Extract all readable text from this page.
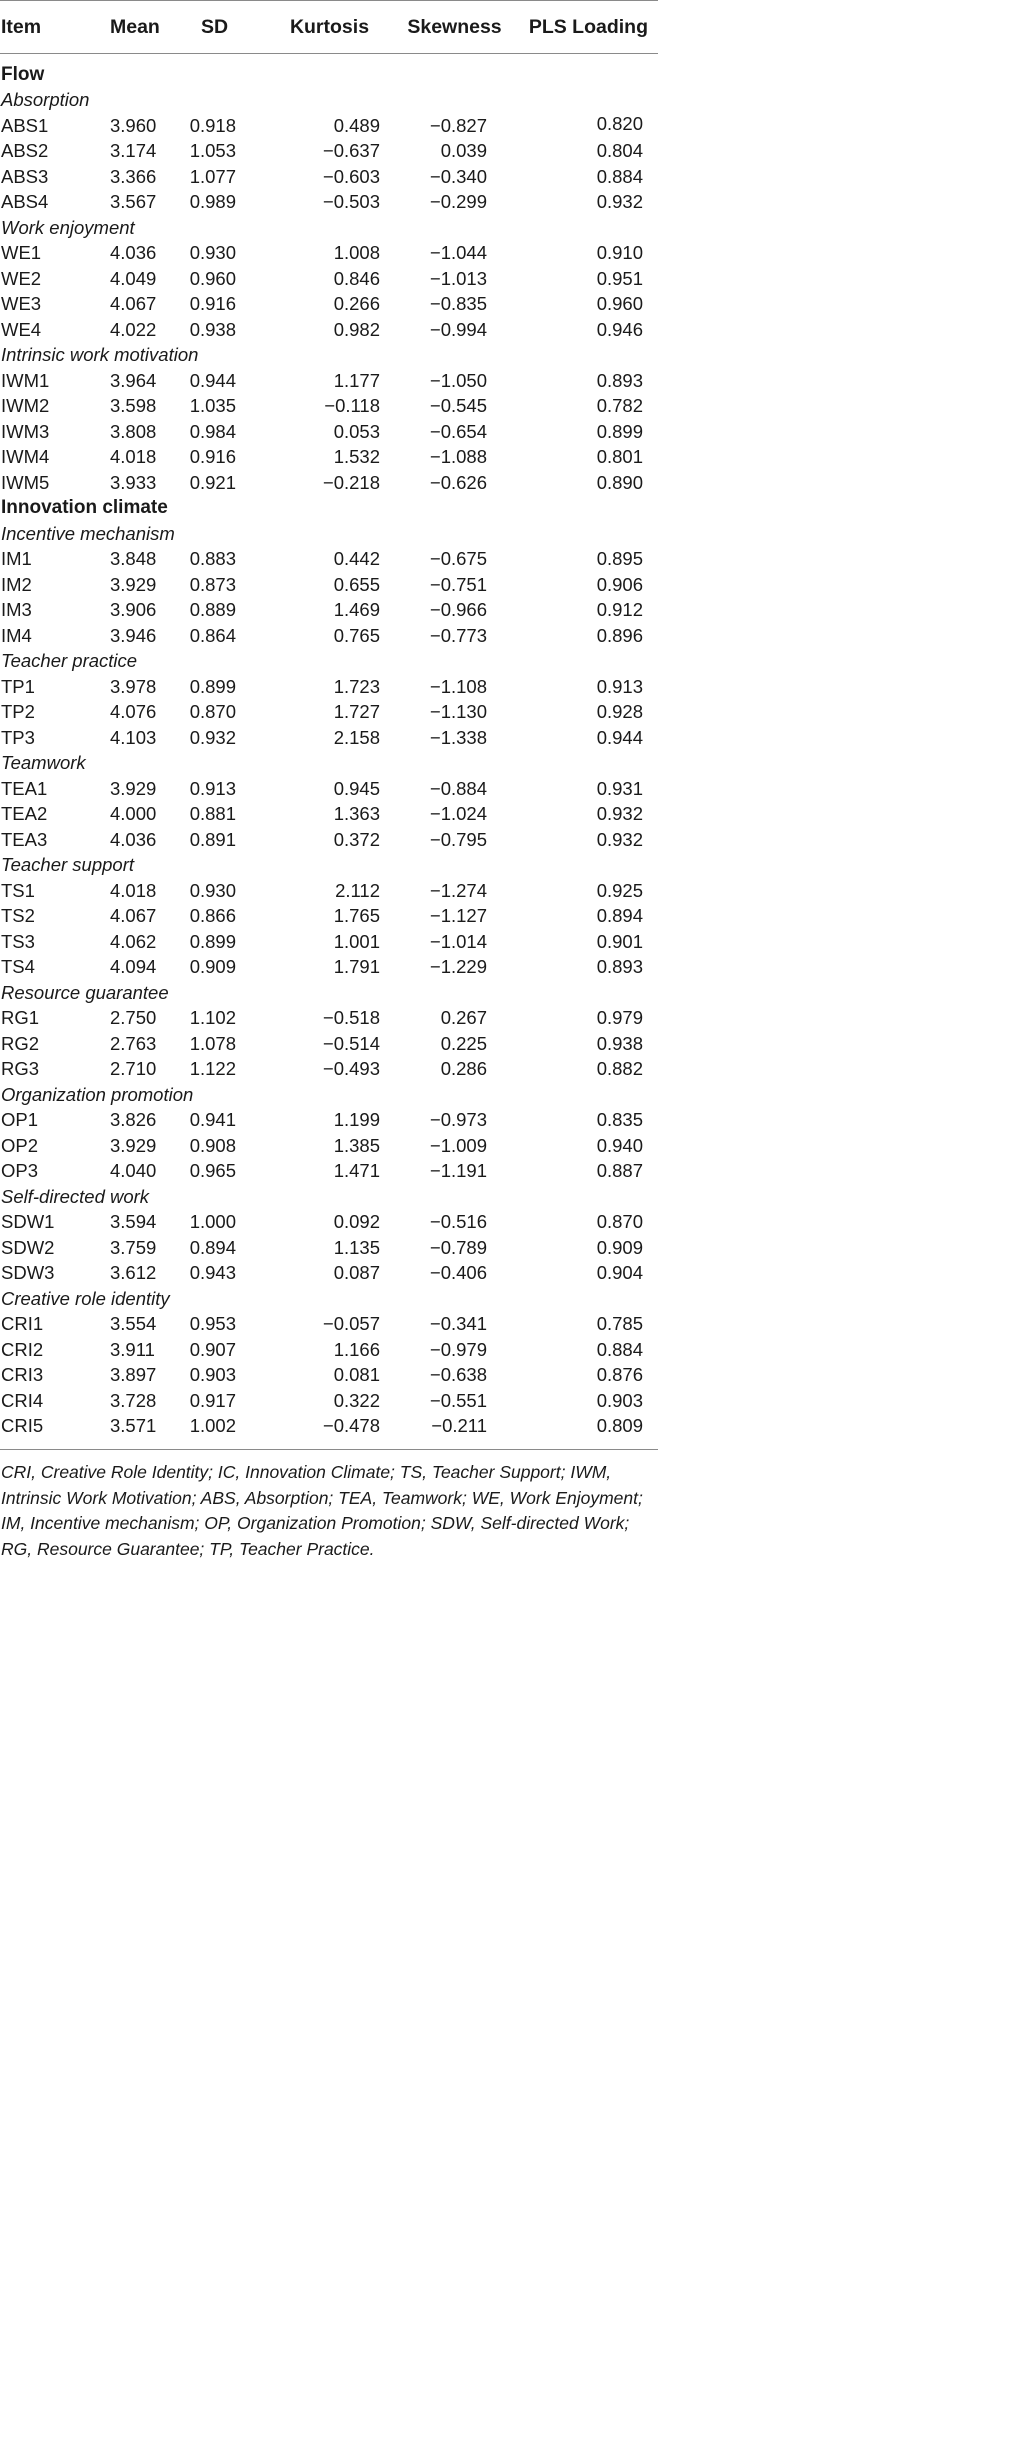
Item	Mean	SD	Kurtosis	Skewness	PLS Loading
Flow					
Absorption					
ABS1	3.960	0.918	0.489	−0.827	0.820
ABS2	3.174	1.053	−0.637	0.039	0.804
ABS3	3.366	1.077	−0.603	−0.340	0.884
ABS4	3.567	0.989	−0.503	−0.299	0.932
Work enjoyment					
WE1	4.036	0.930	1.008	−1.044	0.910
WE2	4.049	0.960	0.846	−1.013	0.951
WE3	4.067	0.916	0.266	−0.835	0.960
WE4	4.022	0.938	0.982	−0.994	0.946
Intrinsic work motivation					
IWM1	3.964	0.944	1.177	−1.050	0.893
IWM2	3.598	1.035	−0.118	−0.545	0.782
IWM3	3.808	0.984	0.053	−0.654	0.899
IWM4	4.018	0.916	1.532	−1.088	0.801
IWM5	3.933	0.921	−0.218	−0.626	0.890
Innovation climate					
Incentive mechanism					
IM1	3.848	0.883	0.442	−0.675	0.895
IM2	3.929	0.873	0.655	−0.751	0.906
IM3	3.906	0.889	1.469	−0.966	0.912
IM4	3.946	0.864	0.765	−0.773	0.896
Teacher practice					
TP1	3.978	0.899	1.723	−1.108	0.913
TP2	4.076	0.870	1.727	−1.130	0.928
TP3	4.103	0.932	2.158	−1.338	0.944
Teamwork					
TEA1	3.929	0.913	0.945	−0.884	0.931
TEA2	4.000	0.881	1.363	−1.024	0.932
TEA3	4.036	0.891	0.372	−0.795	0.932
Teacher support					
TS1	4.018	0.930	2.112	−1.274	0.925
TS2	4.067	0.866	1.765	−1.127	0.894
TS3	4.062	0.899	1.001	−1.014	0.901
TS4	4.094	0.909	1.791	−1.229	0.893
Resource guarantee					
RG1	2.750	1.102	−0.518	0.267	0.979
RG2	2.763	1.078	−0.514	0.225	0.938
RG3	2.710	1.122	−0.493	0.286	0.882
Organization promotion					
OP1	3.826	0.941	1.199	−0.973	0.835
OP2	3.929	0.908	1.385	−1.009	0.940
OP3	4.040	0.965	1.471	−1.191	0.887
Self-directed work					
SDW1	3.594	1.000	0.092	−0.516	0.870
SDW2	3.759	0.894	1.135	−0.789	0.909
SDW3	3.612	0.943	0.087	−0.406	0.904
Creative role identity					
CRI1	3.554	0.953	−0.057	−0.341	0.785
CRI2	3.911	0.907	1.166	−0.979	0.884
CRI3	3.897	0.903	0.081	−0.638	0.876
CRI4	3.728	0.917	0.322	−0.551	0.903
CRI5	3.571	1.002	−0.478	−0.211	0.809
CRI, Creative Role Identity; IC, Innovation Climate; TS, Teacher Support; IWM, Intrinsic Work Motivation; ABS, Absorption; TEA, Teamwork; WE, Work Enjoyment; IM, Incentive mechanism; OP, Organization Promotion; SDW, Self-directed Work; RG, Resource Guarantee; TP, Teacher Practice.
